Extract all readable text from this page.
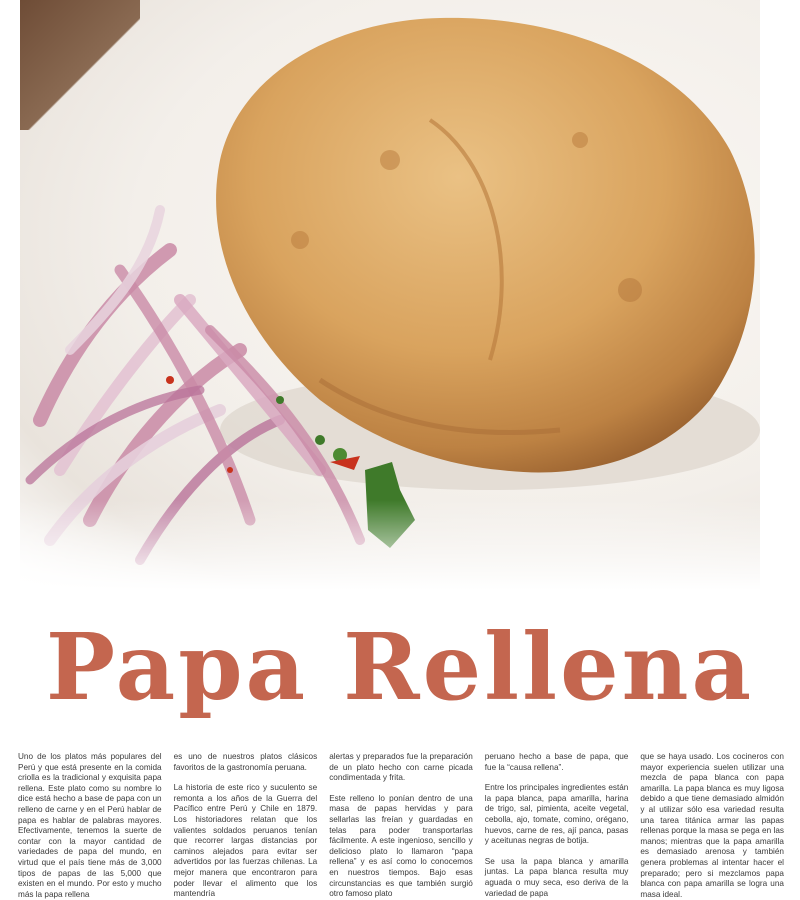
Papa Rellena

Uno de los platos más populares del Perú y que está presente en la comida criolla es la tradicional y exquisita papa rellena. Este plato como su nombre lo dice está hecho a base de papa con un relleno de carne y en el Perú hablar de papa es hablar de palabras mayores. Efectivamente, tenemos la suerte de contar con la mayor cantidad de variedades de papa del mundo, en virtud que el país tiene más de 3,000 tipos de papas de las 5,000 que existen en el mundo. Por esto y mucho más la papa rellena

es uno de nuestros platos clásicos favoritos de la gastronomía peruana.

La historia de este rico y suculento se remonta a los años de la Guerra del Pacífico entre Perú y Chile en 1879. Los historiadores relatan que los valientes soldados peruanos tenían que recorrer largas distancias por caminos alejados para evitar ser advertidos por las fuerzas chilenas. La mejor manera que encontraron para poder llevar el alimento que los mantendría

alertas y preparados fue la preparación de un plato hecho con carne picada condimentada y frita.

Este relleno lo ponían dentro de una masa de papas hervidas y para sellarlas las freían y guardadas en telas para poder transportarlas fácilmente. A este ingenioso, sencillo y delicioso plato lo llamaron “papa rellena” y es así como lo conocemos en nuestros tiempos. Bajo esas circunstancias es que también surgió otro famoso plato

peruano hecho a base de papa, que fue la “causa rellena”.

Entre los principales ingredientes están la papa blanca, papa amarilla, harina de trigo, sal, pimienta, aceite vegetal, cebolla, ajo, tomate, comino, orégano, huevos, carne de res, ají panca, pasas y aceitunas negras de botija.

Se usa la papa blanca y amarilla juntas. La papa blanca resulta muy aguada o muy seca, eso deriva de la variedad de papa

que se haya usado. Los cocineros con mayor experiencia suelen utilizar una mezcla de papa blanca con papa amarilla. La papa blanca es muy ligosa debido a que tiene demasiado almidón y al utilizar sólo esa variedad resulta una tarea titánica armar las papas rellenas porque la masa se pega en las manos; mientras que la papa amarilla es demasiado arenosa y también genera problemas al intentar hacer el preparado; pero si mezclamos papa blanca con papa amarilla se logra una masa ideal.
